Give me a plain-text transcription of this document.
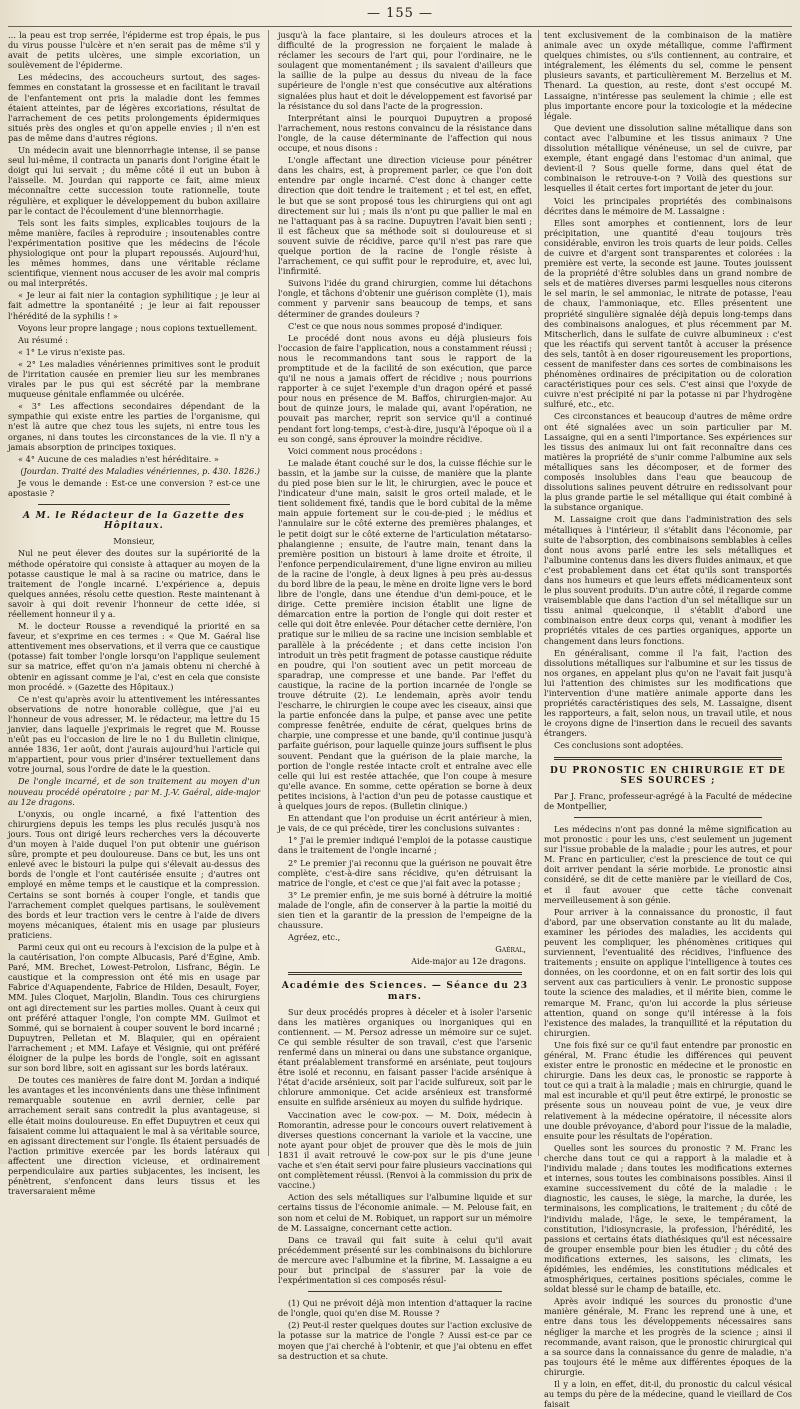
— 155 —

... la peau est trop serrée, l'épiderme est trop épais, le pus du virus pousse l'ulcère et n'en serait pas de même s'il y avait de petits ulcères, une simple excoriation, un soulèvement de l'épiderme.

Les médecins, des accoucheurs surtout, des sages-femmes en constatant la grossesse et en facilitant le travail de l'enfantement ont pris la maladie dont les femmes étaient atteintes, par de légères excoriations, résultat de l'arrachement de ces petits prolongements épidermiques situés près des ongles et qu'on appelle envies ; il n'en est pas de même dans d'autres régions.

Un médecin avait une blennorrhagie intense, il se panse seul lui-même, il contracta un panaris dont l'origine était le doigt qui lui servait ; du même côté il eut un bubon à l'aisselle. M. Jourdan qui rapporte ce fait, aime mieux méconnaître cette succession toute rationnelle, toute régulière, et expliquer le développement du bubon axillaire par le contact de l'écoulement d'une blennorrhagie.

Tels sont les faits simples, explicables toujours de la même manière, faciles à reproduire ; insoutenables contre l'expérimentation positive que les médecins de l'école physiologique ont pour la plupart repoussés. Aujourd'hui, les mêmes hommes, dans une véritable réclame scientifique, viennent nous accuser de les avoir mal compris ou mal interprétés.

« Je leur ai fait nier la contagion syphilitique ; je leur ai fait admettre la spontanéité ; je leur ai fait repousser l'hérédité de la syphilis ! »

Voyons leur propre langage ; nous copions textuellement.

Au résumé :

« 1° Le virus n'existe pas.

« 2° Les maladies vénériennes primitives sont le produit de l'irritation causée en premier lieu sur les membranes virales par le pus qui est sécrété par la membrane muqueuse génitale enflammée ou ulcérée.

« 3° Les affections secondaires dépendant de la sympathie qui existe entre les parties de l'organisme, qui n'est là autre que chez tous les sujets, ni entre tous les organes, ni dans toutes les circonstances de la vie. Il n'y a jamais absorption de principes toxiques.

« 4° Aucune de ces maladies n'est héréditaire. »

(Jourdan. Traité des Maladies vénériennes, p. 430. 1826.)

Je vous le demande : Est-ce une conversion ? est-ce une apostasie ?

A M. le Rédacteur de la Gazette des Hôpitaux.

Monsieur,

Nul ne peut élever des doutes sur la supériorité de la méthode opératoire qui consiste à attaquer au moyen de la potasse caustique le mal à sa racine ou matrice, dans le traitement de l'ongle incarné. L'expérience a, depuis quelques années, résolu cette question. Reste maintenant à savoir à qui doit revenir l'honneur de cette idée, si réellement honneur il y a.

M. le docteur Rousse a revendiqué la priorité en sa faveur, et s'exprime en ces termes : « Que M. Gaéral lise attentivement mes observations, et il verra que ce caustique (potasse) fait tomber l'ongle lorsqu'on l'applique seulement sur sa matrice, effet qu'on n'a jamais obtenu ni cherché à obtenir en agissant comme je l'ai, c'est en cela que consiste mon procédé. » (Gazette des Hôpitaux.)

Ce n'est qu'après avoir lu attentivement les intéressantes observations de notre honorable collègue, que j'ai eu l'honneur de vous adresser, M. le rédacteur, ma lettre du 15 janvier, dans laquelle j'exprimais le regret que M. Rousse n'eût pas eu l'occasion de lire le no 1 du Bulletin clinique, année 1836, 1er août, dont j'aurais aujourd'hui l'article qui m'appartient, pour vous prier d'insérer textuellement dans votre journal, sous l'ordre de date le la question.

De l'ongle incarné, et de son traitement au moyen d'un nouveau procédé opératoire ; par M. J.-V. Gaéral, aide-major au 12e dragons.

L'onyxis, ou ongle incarné, a fixé l'attention des chirurgiens depuis les temps les plus reculés jusqu'à nos jours. Tous ont dirigé leurs recherches vers la découverte d'un moyen à l'aide duquel l'on put obtenir une guérison sûre, prompte et peu douloureuse. Dans ce but, les uns ont enlevé avec le bistouri la pulpe qui s'élevait au-dessus des bords de l'ongle et l'ont cautérisée ensuite ; d'autres ont employé en même temps et le caustique et la compression. Certains se sont bornés à couper l'ongle, et tandis que l'arrachement complet quelques partisans, le soulèvement des bords et leur traction vers le centre à l'aide de divers moyens mécaniques, étaient mis en usage par plusieurs praticiens.

Parmi ceux qui ont eu recours à l'excision de la pulpe et à la cautérisation, l'on compte Albucasis, Paré d'Égine, Amb. Paré, MM. Brechet, Lowest-Petrolon, Lisfranc, Bégin. Le caustique et la compression ont été mis en usage par Fabrice d'Aquapendente, Fabrice de Hilden, Desault, Foyer, MM. Jules Cloquet, Marjolin, Blandin. Tous ces chirurgiens ont agi directement sur les parties molles. Quant à ceux qui ont préféré attaquer l'ongle, l'on compte MM. Guilmot et Sommé, qui se bornaient à couper souvent le bord incarné ; Dupuytren, Pelletan et M. Blaquier, qui en opéraient l'arrachement ; et MM. Lafaye et Vésignie, qui ont préféré éloigner de la pulpe les bords de l'ongle, soit en agissant sur son bord libre, soit en agissant sur les bords latéraux.

De toutes ces manières de faire dont M. Jordan a indiqué les avantages et les inconvénients dans une thèse infiniment remarquable soutenue en avril dernier, celle par arrachement serait sans contredit la plus avantageuse, si elle était moins douloureuse. En effet Dupuytren et ceux qui faisaient comme lui attaquaient le mal à sa véritable source, en agissant directement sur l'ongle. Ils étaient persuadés de l'action primitive exercée par les bords latéraux qui affectent une direction vicieuse, et ordinairement perpendiculaire aux parties subjacentes, les incisent, les pénètrent, s'enfoncent dans leurs tissus et les traversaraient même

jusqu'à la face plantaire, si les douleurs atroces et la difficulté de la progression ne forçaient le malade à réclamer les secours de l'art qui, pour l'ordinaire, ne le soulagent que momentanément ; ils savaient d'ailleurs que la saillie de la pulpe au dessus du niveau de la face supérieure de l'ongle n'est que consécutive aux altérations signalées plus haut et doit le développement est favorisé par la résistance du sol dans l'acte de la progression.

Interprétant ainsi le pourquoi Dupuytren a proposé l'arrachement, nous restons convaincu de la résistance dans l'ongle, de la cause déterminante de l'affection qui nous occupe, et nous disons :

L'ongle affectant une direction vicieuse pour pénétrer dans les chairs, est, à proprement parler, ce que l'on doit entendre par ongle incarné. C'est donc à changer cette direction que doit tendre le traitement ; et tel est, en effet, le but que se sont proposé tous les chirurgiens qui ont agi directement sur lui ; mais ils n'ont pu que pallier le mal en ne l'attaquant pas à sa racine. Dupuytren l'avait bien senti ; il est fâcheux que sa méthode soit si douloureuse et si souvent suivie de récidive, parce qu'il n'est pas rare que quelque portion de la racine de l'ongle résiste à l'arrachement, ce qui suffit pour le reproduire, et, avec lui, l'infirmité.

Suivons l'idée du grand chirurgien, comme lui détachons l'ongle, et tâchons d'obtenir une guérison complète (1), mais comment y parvenir sans beaucoup de temps, et sans déterminer de grandes douleurs ?

C'est ce que nous nous sommes proposé d'indiquer.

Le procédé dont nous avons eu déjà plusieurs fois l'occasion de faire l'application, nous a constamment réussi ; nous le recommandons tant sous le rapport de la promptitude et de la facilité de son exécution, que parce qu'il ne nous a jamais offert de récidive ; nous pourrions rapporter à ce sujet l'exemple d'un dragon opéré et passé pour nous en présence de M. Baffos, chirurgien-major. Au bout de quinze jours, le malade qui, avant l'opération, ne pouvait pas marcher, reprit son service qu'il a continué pendant fort long-temps, c'est-à-dire, jusqu'à l'époque où il a eu son congé, sans éprouver la moindre récidive.

Voici comment nous procédons :

Le malade étant couché sur le dos, la cuisse fléchie sur le bassin, et la jambe sur la cuisse, de manière que la plante du pied pose bien sur le lit, le chirurgien, avec le pouce et l'indicateur d'une main, saisit le gros orteil malade, et le tient solidement fixé, tandis que le bord cubital de la même main appuie fortement sur le cou-de-pied ; le médius et l'annulaire sur le côté externe des premières phalanges, et le petit doigt sur le côté externe de l'articulation métatarso-phalangienne ; ensuite, de l'autre main, tenant dans la première position un bistouri à lame droite et étroite, il l'enfonce perpendiculairement, d'une ligne environ au milieu de la racine de l'ongle, à deux lignes à peu près au-dessus du bord libre de la peau, le mène en droite ligne vers le bord libre de l'ongle, dans une étendue d'un demi-pouce, et le dirige. Cette première incision établit une ligne de démarcation entre la portion de l'ongle qui doit rester et celle qui doit être enlevée. Pour détacher cette dernière, l'on pratique sur le milieu de sa racine une incision semblable et parallèle à la précédente ; et dans cette incision l'on introduit un très petit fragment de potasse caustique réduite en poudre, qui l'on soutient avec un petit morceau de sparadrap, une compresse et une bande. Par l'effet du caustique, la racine de la portion incarnée de l'ongle se trouve détruite (2). Le lendemain, après avoir tendu l'escharre, le chirurgien le coupe avec les ciseaux, ainsi que la partie enfoncée dans la pulpe, et panse avec une petite compresse fenêtrée, enduite de cérat, quelques brins de charpie, une compresse et une bande, qu'il continue jusqu'à parfaite guérison, pour laquelle quinze jours suffisent le plus souvent. Pendant que la guérison de la plaie marche, la portion de l'ongle restée intacte croît et entraîne avec elle celle qui lui est restée attachée, que l'on coupe à mesure qu'elle avance. En somme, cette opération se borne à deux petites incisions, à l'action d'un peu de potasse caustique et à quelques jours de repos. (Bulletin clinique.)

En attendant que l'on produise un écrit antérieur à mien, je vais, de ce qui précède, tirer les conclusions suivantes :

1° J'ai le premier indiqué l'emploi de la potasse caustique dans le traitement de l'ongle incarné ;

2° Le premier j'ai reconnu que la guérison ne pouvait être complète, c'est-à-dire sans récidive, qu'en détruisant la matrice de l'ongle, et c'est ce que j'ai fait avec la potasse ;

3° Le premier enfin, je me suis borné à détruire la moitié malade de l'ongle, afin de conserver à la partie la moitié du sien tien et la garantir de la pression de l'empeigne de la chaussure.

Agréez, etc.,

Gaéral,

Aide-major au 12e dragons.

Académie des Sciences. — Séance du 23 mars.

Sur deux procédés propres à déceler et à isoler l'arsenic dans les matières organiques ou inorganiques qui en contiennent. — M. Persoz adresse un mémoire sur ce sujet. Ce qui semble résulter de son travail, c'est que l'arsenic renfermé dans un minerai ou dans une substance organique, étant préalablement transformé en arséniate, peut toujours être isolé et reconnu, en faisant passer l'acide arsénique à l'état d'acide arsénieux, soit par l'acide sulfureux, soit par le chlorure ammonique. Cet acide arsénieux est transformé ensuite en sulfide arsénieux au moyen du sulfide hydrique.

Vaccination avec le cow-pox. — M. Doix, médecin à Romorantin, adresse pour le concours ouvert relativement à diverses questions concernant la variole et la vaccine, une note ayant pour objet de prouver que dès le mois de juin 1831 il avait retrouvé le cow-pox sur le pis d'une jeune vache et s'en était servi pour faire plusieurs vaccinations qui ont complètement réussi. (Renvoi à la commission du prix de vaccine.)

Action des sels métalliques sur l'albumine liquide et sur certains tissus de l'économie animale. — M. Pelouse fait, en son nom et celui de M. Robiquet, un rapport sur un mémoire de M. Lassaigne, concernant cette action.

Dans ce travail qui fait suite à celui qu'il avait précédemment présenté sur les combinaisons du bichlorure de mercure avec l'albumine et la fibrine, M. Lassaigne a eu pour but principal de s'assurer par la voie de l'expérimentation si ces composés résul-

(1) Qui ne prévoit déjà mon intention d'attaquer la racine de l'ongle, quoi qu'en dise M. Rousse ?

(2) Peut-il rester quelques doutes sur l'action exclusive de la potasse sur la matrice de l'ongle ? Aussi est-ce par ce moyen que j'ai cherché à l'obtenir, et que j'ai obtenu en effet sa destruction et sa chute.

tent exclusivement de la combinaison de la matière animale avec un oxyde métallique, comme l'affirment quelques chimistes, ou s'ils contiennent, au contraire, et intégralement, les éléments du sel, comme le pensent plusieurs savants, et particulièrement M. Berzelius et M. Thenard. La question, au reste, dont s'est occupé M. Lassaigne, n'intéresse pas seulement la chimie ; elle est plus importante encore pour la toxicologie et la médecine légale.

Que devient une dissolution saline métallique dans son contact avec l'albumine et les tissus animaux ? Une dissolution métallique vénéneuse, un sel de cuivre, par exemple, étant engagé dans l'estomac d'un animal, que devient-il ? Sous quelle forme, dans quel état de combinaison le retrouve-t-on ? Voilà des questions sur lesquelles il était certes fort important de jeter du jour.

Voici les principales propriétés des combinaisons décrites dans le mémoire de M. Lassaigne :

Elles sont amorphes et contiennent, lors de leur précipitation, une quantité d'eau toujours très considérable, environ les trois quarts de leur poids. Celles de cuivre et d'argent sont transparentes et colorées : la première est verte, la seconde est jaune. Toutes jouissent de la propriété d'être solubles dans un grand nombre de sels et de matières diverses parmi lesquelles nous citerons le sel marin, le sel ammoniac, le nitrate de potasse, l'eau de chaux, l'ammoniaque, etc. Elles présentent une propriété singulière signalée déjà depuis long-temps dans des combinaisons analogues, et plus récemment par M. Mitscherlich, dans le sulfate de cuivre albumineux : c'est que les réactifs qui servent tantôt à accuser la présence des sels, tantôt à en doser rigoureusement les proportions, cessent de manifester dans ces sortes de combinaisons les phénomènes ordinaires de précipitation ou de coloration caractéristiques pour ces sels. C'est ainsi que l'oxyde de cuivre n'est précipité ni par la potasse ni par l'hydrogène sulfuré, etc., etc.

Ces circonstances et beaucoup d'autres de même ordre ont été signalées avec un soin particulier par M. Lassaigne, qui en a senti l'importance. Ses expériences sur les tissus des animaux lui ont fait reconnaître dans ces matières la propriété de s'unir comme l'albumine aux sels métalliques sans les décomposer, et de former des composés insolubles dans l'eau que beaucoup de dissolutions salines peuvent détruire en redissolvant pour la plus grande partie le sel métallique qui était combiné à la substance organique.

M. Lassaigne croit que dans l'administration des sels métalliques à l'intérieur, il s'établit dans l'économie, par suite de l'absorption, des combinaisons semblables à celles dont nous avons parlé entre les sels métalliques et l'albumine contenus dans les divers fluides animaux, et que c'est probablement dans cet état qu'ils sont transportés dans nos humeurs et que leurs effets médicamenteux sont le plus souvent produits. D'un autre côté, il regarde comme vraisemblable que dans l'action d'un sel métallique sur un tissu animal quelconque, il s'établit d'abord une combinaison entre deux corps qui, venant à modifier les propriétés vitales de ces parties organiques, apporte un changement dans leurs fonctions.

En généralisant, comme il l'a fait, l'action des dissolutions métalliques sur l'albumine et sur les tissus de nos organes, en appelant plus qu'on ne l'avait fait jusqu'à lui l'attention des chimistes sur les modifications que l'intervention d'une matière animale apporte dans les propriétés caractéristiques des sels, M. Lassaigne, disent les rapporteurs, a fait, selon nous, un travail utile, et nous le croyons digne de l'insertion dans le recueil des savants étrangers.

Ces conclusions sont adoptées.

DU PRONOSTIC EN CHIRURGIE ET DE SES SOURCES ;

Par J. Franc, professeur-agrégé à la Faculté de médecine de Montpellier,

Les médecins n'ont pas donné la même signification au mot pronostic : pour les uns, c'est seulement un jugement sur l'issue probable de la maladie ; pour les autres, et pour M. Franc en particulier, c'est la prescience de tout ce qui doit arriver pendant la série morbide. Le pronostic ainsi considéré, se dit de cette manière par le vieillard de Cos, et il faut avouer que cette tâche convenait merveilleusement à son génie.

Pour arriver à la connaissance du pronostic, il faut d'abord, par une observation constante au lit du malade, examiner les périodes des maladies, les accidents qui peuvent les compliquer, les phénomènes critiques qui surviennent, l'eventualité des récidives, l'influence des traitements ; ensuite on applique l'intelligence à toutes ces données, on les coordonne, et on en fait sortir des lois qui servent aux cas particuliers à venir. Le pronostic suppose toute la science des maladies, et il mérite bien, comme le remarque M. Franc, qu'on lui accorde la plus sérieuse attention, quand on songe qu'il intéresse à la fois l'existence des malades, la tranquillité et la réputation du chirurgien.

Une fois fixé sur ce qu'il faut entendre par pronostic en général, M. Franc étudie les différences qui peuvent exister entre le pronostic en médecine et le pronostic en chirurgie. Dans les deux cas, le pronostic se rapporte à tout ce qui a trait à la maladie ; mais en chirurgie, quand le mal est incurable et qu'il peut être extirpé, le pronostic se présente sous un nouveau point de vue, je veux dire relativement à la médecine opératoire, il nécessite alors une double prévoyance, d'abord pour l'issue de la maladie, ensuite pour les résultats de l'opération.

Quelles sont les sources du pronostic ? M. Franc les cherche dans tout ce qui a rapport à la maladie et à l'individu malade ; dans toutes les modifications externes et internes, sous toutes les combinaisons possibles. Ainsi il examine successivement du côté de la maladie : le diagnostic, les causes, le siège, la marche, la durée, les terminaisons, les complications, le traitement ; du côté de l'individu malade, l'âge, le sexe, le tempérament, la constitution, l'idiosyncrasie, la profession, l'hérédité, les passions et certains états diathésiques qu'il est nécessaire de grouper ensemble pour bien les étudier ; du côté des modifications externes, les saisons, les climats, les épidémies, les endémies, les constitutions médicales et atmosphériques, certaines positions spéciales, comme le soldat blessé sur le champ de bataille, etc.

Après avoir indiqué les sources du pronostic d'une manière générale, M. Franc les reprend une à une, et entre dans tous les développements nécessaires sans négliger la marche et les progrès de la science ; ainsi il recommande, avant raison, que le pronostic chirurgical qui a sa source dans la connaissance du genre de maladie, n'a pas toujours été le même aux différentes époques de la chirurgie.

Il y a loin, en effet, dit-il, du pronostic du calcul vésical au temps du père de la médecine, quand le vieillard de Cos faisait
